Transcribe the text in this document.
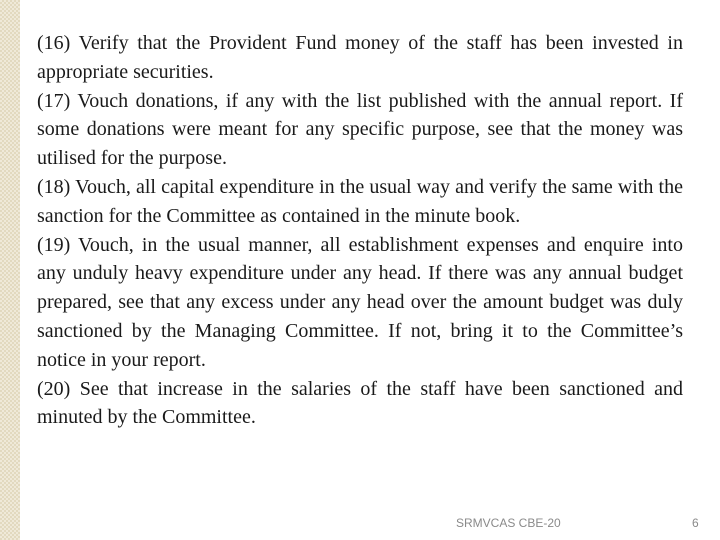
(16) Verify that the Provident Fund money of the staff has been invested in appropriate securities.

(17) Vouch donations, if any with the list published with the annual report. If some donations were meant for any specific purpose, see that the money was utilised for the purpose.

(18) Vouch, all capital expenditure in the usual way and verify the same with the sanction for the Committee as contained in the minute book.

(19) Vouch, in the usual manner, all establishment expenses and enquire into any unduly heavy expenditure under any head. If there was any annual budget prepared, see that any excess under any head over the amount budget was duly sanctioned by the Managing Committee. If not, bring it to the Committee’s notice in your report.

(20) See that increase in the salaries of the staff have been sanctioned and minuted by the Committee.

SRMVCAS CBE-20	6
